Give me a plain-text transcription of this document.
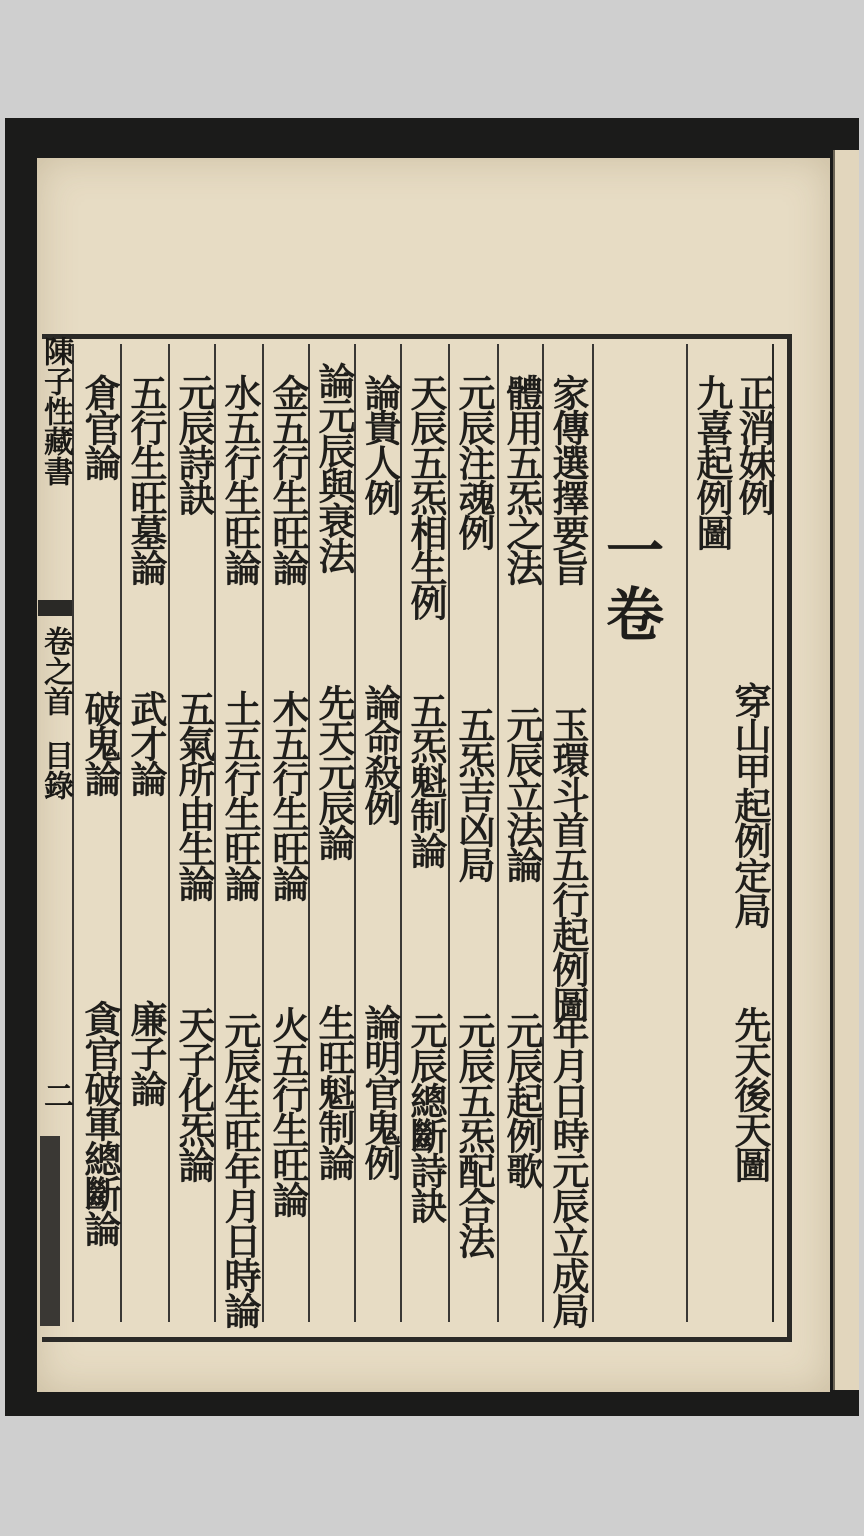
正消妹例
九喜起例圖
家傳選擇要旨
體用五炁之法
元辰注魂例
天辰五炁相生例
論貴人例
論元辰與衰法
金五行生旺論
水五行生旺論
元辰詩訣
五行生旺墓論
倉官論
一卷
穿山甲起例定局
玉環斗首五行起例圖
元辰立法論
五炁吉凶局
五炁魁制論
論命殺例
先天元辰論
木五行生旺論
土五行生旺論
五氣所由生論
武才論
破鬼論
先天後天圖
年月日時元辰立成局
元辰起例歌
元辰五炁配合法
元辰總斷詩訣
論明官鬼例
生旺魁制論
火五行生旺論
元辰生旺年月日時論
天子化炁論
廉子論
貪官破軍總斷論
陳子性藏書
卷之首
目錄
二
